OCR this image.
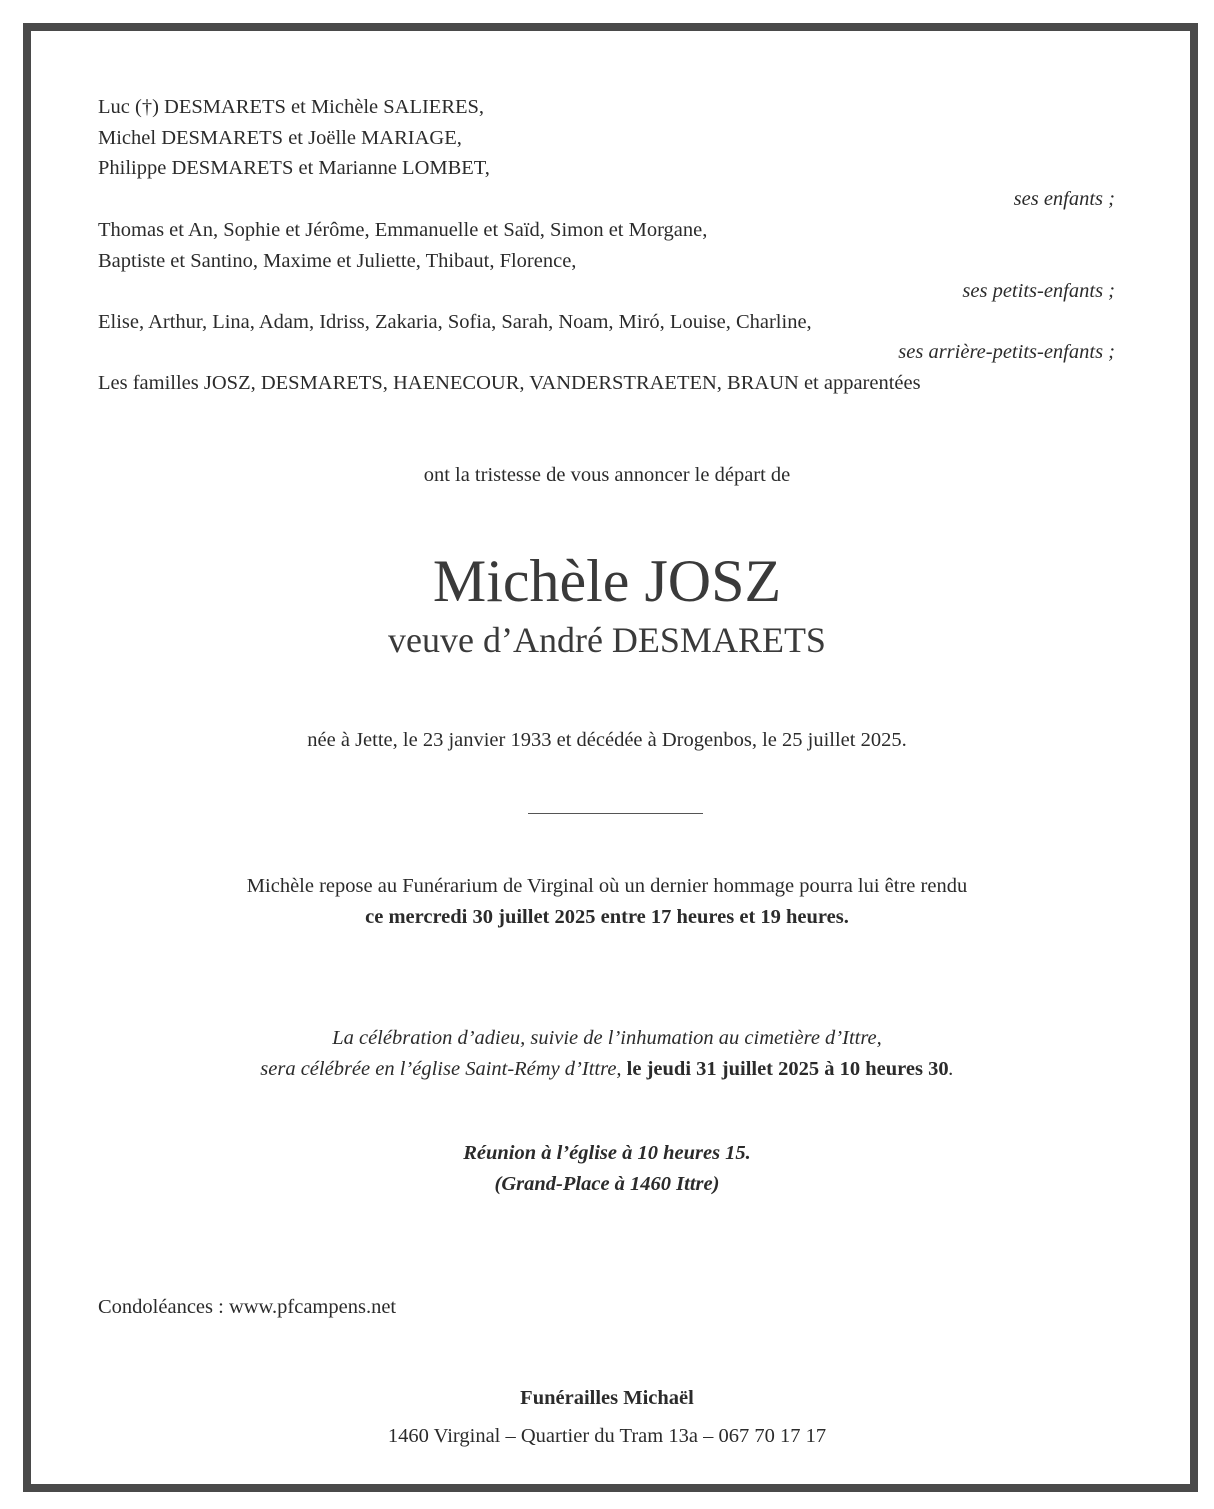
Luc (†) DESMARETS et Michèle SALIERES,
Michel DESMARETS et Joëlle MARIAGE,
Philippe DESMARETS et Marianne LOMBET,
ses enfants ;
Thomas et An, Sophie et Jérôme, Emmanuelle et Saïd, Simon et Morgane,
Baptiste et Santino, Maxime et Juliette, Thibaut, Florence,
ses petits-enfants ;
Elise, Arthur, Lina, Adam, Idriss, Zakaria, Sofia, Sarah, Noam, Miró, Louise, Charline,
ses arrière-petits-enfants ;
Les familles JOSZ, DESMARETS, HAENECOUR, VANDERSTRAETEN, BRAUN et apparentées
ont la tristesse de vous annoncer le départ de
Michèle JOSZ
veuve d’André DESMARETS
née à Jette, le 23 janvier 1933 et décédée à Drogenbos, le 25 juillet 2025.
Michèle repose au Funérarium de Virginal où un dernier hommage pourra lui être rendu
ce mercredi 30 juillet 2025 entre 17 heures et 19 heures.
La célébration d’adieu, suivie de l’inhumation au cimetière d’Ittre,
sera célébrée en l’église Saint-Rémy d’Ittre, le jeudi 31 juillet 2025 à 10 heures 30.
Réunion à l’église à 10 heures 15.
(Grand-Place à 1460 Ittre)
Condoléances : www.pfcampens.net
Funérailles Michaël
1460 Virginal – Quartier du Tram 13a – 067 70 17 17
